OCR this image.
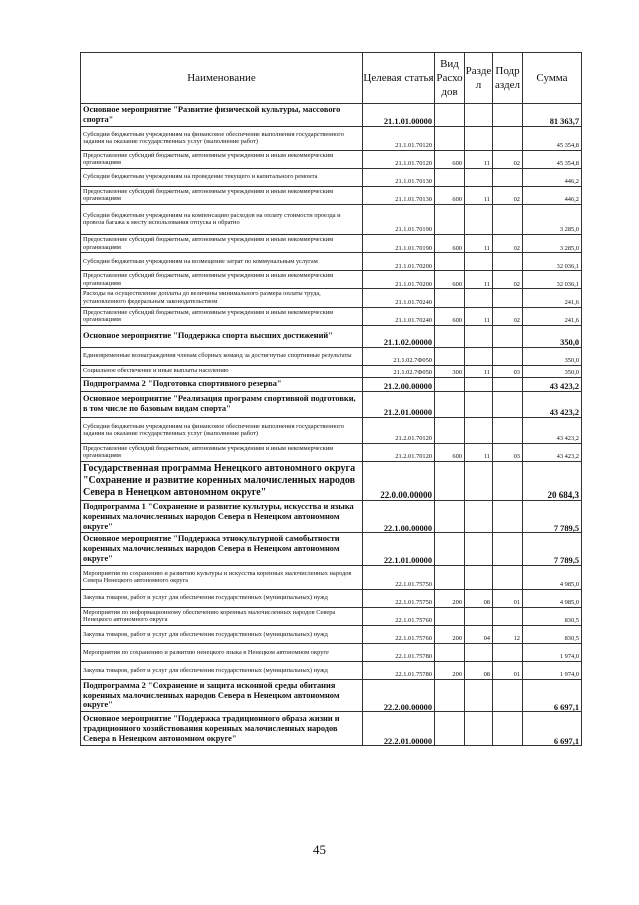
Наименование	Целевая статья	Вид Расхо дов	Разде л	Подр аздел	Сумма
Основное мероприятие "Развитие физической культуры, массового спорта"	21.1.01.00000				81 363,7
Субсидии бюджетным учреждениям на финансовое обеспечение выполнения государственного задания на оказание государственных услуг (выполнение работ)	21.1.01.70120				45 354,8
Предоставление субсидий бюджетным, автономным учреждениям и иным некоммерческим организациям	21.1.01.70120	600	11	02	45 354,8
Субсидии бюджетным учреждениям на проведение текущего и капитального ремонта	21.1.01.70130				446,2
Предоставление субсидий бюджетным, автономным учреждениям и иным некоммерческим организациям	21.1.01.70130	600	11	02	446,2
Субсидии бюджетным учреждениям на компенсацию расходов на оплату стоимости проезда и провоза багажа к месту использования отпуска и обратно	21.1.01.70190				3 285,0
Предоставление субсидий бюджетным, автономным учреждениям и иным некоммерческим организациям	21.1.01.70190	600	11	02	3 285,0
Субсидии бюджетным учреждениям на возмещение затрат по коммунальным услугам	21.1.01.70200				32 036,1
Предоставление субсидий бюджетным, автономным учреждениям и иным некоммерческим организациям	21.1.01.70200	600	11	02	32 036,1
Расходы на осуществление доплаты до величины минимального размера оплаты труда, установленного федеральным законодательством	21.1.01.70240				241,6
Предоставление субсидий бюджетным, автономным учреждениям и иным некоммерческим организациям	21.1.01.70240	600	11	02	241,6
Основное мероприятие "Поддержка спорта высших достижений"	21.1.02.00000				350,0
Единовременные вознаграждения членам сборных команд за достигнутые спортивные результаты	21.1.02.7Ф050				350,0
Социальное обеспечение и иные выплаты населению	21.1.02.7Ф050	300	11	03	350,0
Подпрограмма 2 "Подготовка спортивного резерва"	21.2.00.00000				43 423,2
Основное мероприятие "Реализация программ спортивной подготовки, в том числе по базовым видам спорта"	21.2.01.00000				43 423,2
Субсидии бюджетным учреждениям на финансовое обеспечение выполнения государственного задания на оказание государственных услуг (выполнение работ)	21.2.01.70120				43 423,2
Предоставление субсидий бюджетным, автономным учреждениям и иным некоммерческим организациям	21.2.01.70120	600	11	03	43 423,2
Государственная программа Ненецкого автономного округа "Сохранение и развитие коренных малочисленных народов Севера в Ненецком автономном округе"	22.0.00.00000				20 684,3
Подпрограмма 1 "Сохранение и развитие культуры, искусства и языка коренных малочисленных народов Севера в Ненецком автономном округе"	22.1.00.00000				7 789,5
Основное мероприятие "Поддержка этнокультурной самобытности коренных малочисленных народов Севера в Ненецком автономном округе"	22.1.01.00000				7 789,5
Мероприятия по сохранению и развитию культуры и искусства коренных малочисленных народов Севера Ненецкого автономного округа	22.1.01.75750				4 985,0
Закупка товаров, работ и услуг для обеспечения государственных (муниципальных) нужд	22.1.01.75750	200	08	01	4 985,0
Мероприятия по информационному обеспечению коренных малочисленных народов Севера Ненецкого автономного округа	22.1.01.75760				830,5
Закупка товаров, работ и услуг для обеспечения государственных (муниципальных) нужд	22.1.01.75760	200	04	12	830,5
Мероприятия по сохранению и развитию ненецкого языка в Ненецком автономном округе	22.1.01.75780				1 974,0
Закупка товаров, работ и услуг для обеспечения государственных (муниципальных) нужд	22.1.01.75780	200	08	01	1 974,0
Подпрограмма 2 "Сохранение и защита исконной среды обитания коренных малочисленных народов Севера в Ненецком автономном округе"	22.2.00.00000				6 697,1
Основное мероприятие "Поддержка традиционного образа жизни и традиционного хозяйствования коренных малочисленных народов Севера в Ненецком автономном округе"	22.2.01.00000				6 697,1
45
